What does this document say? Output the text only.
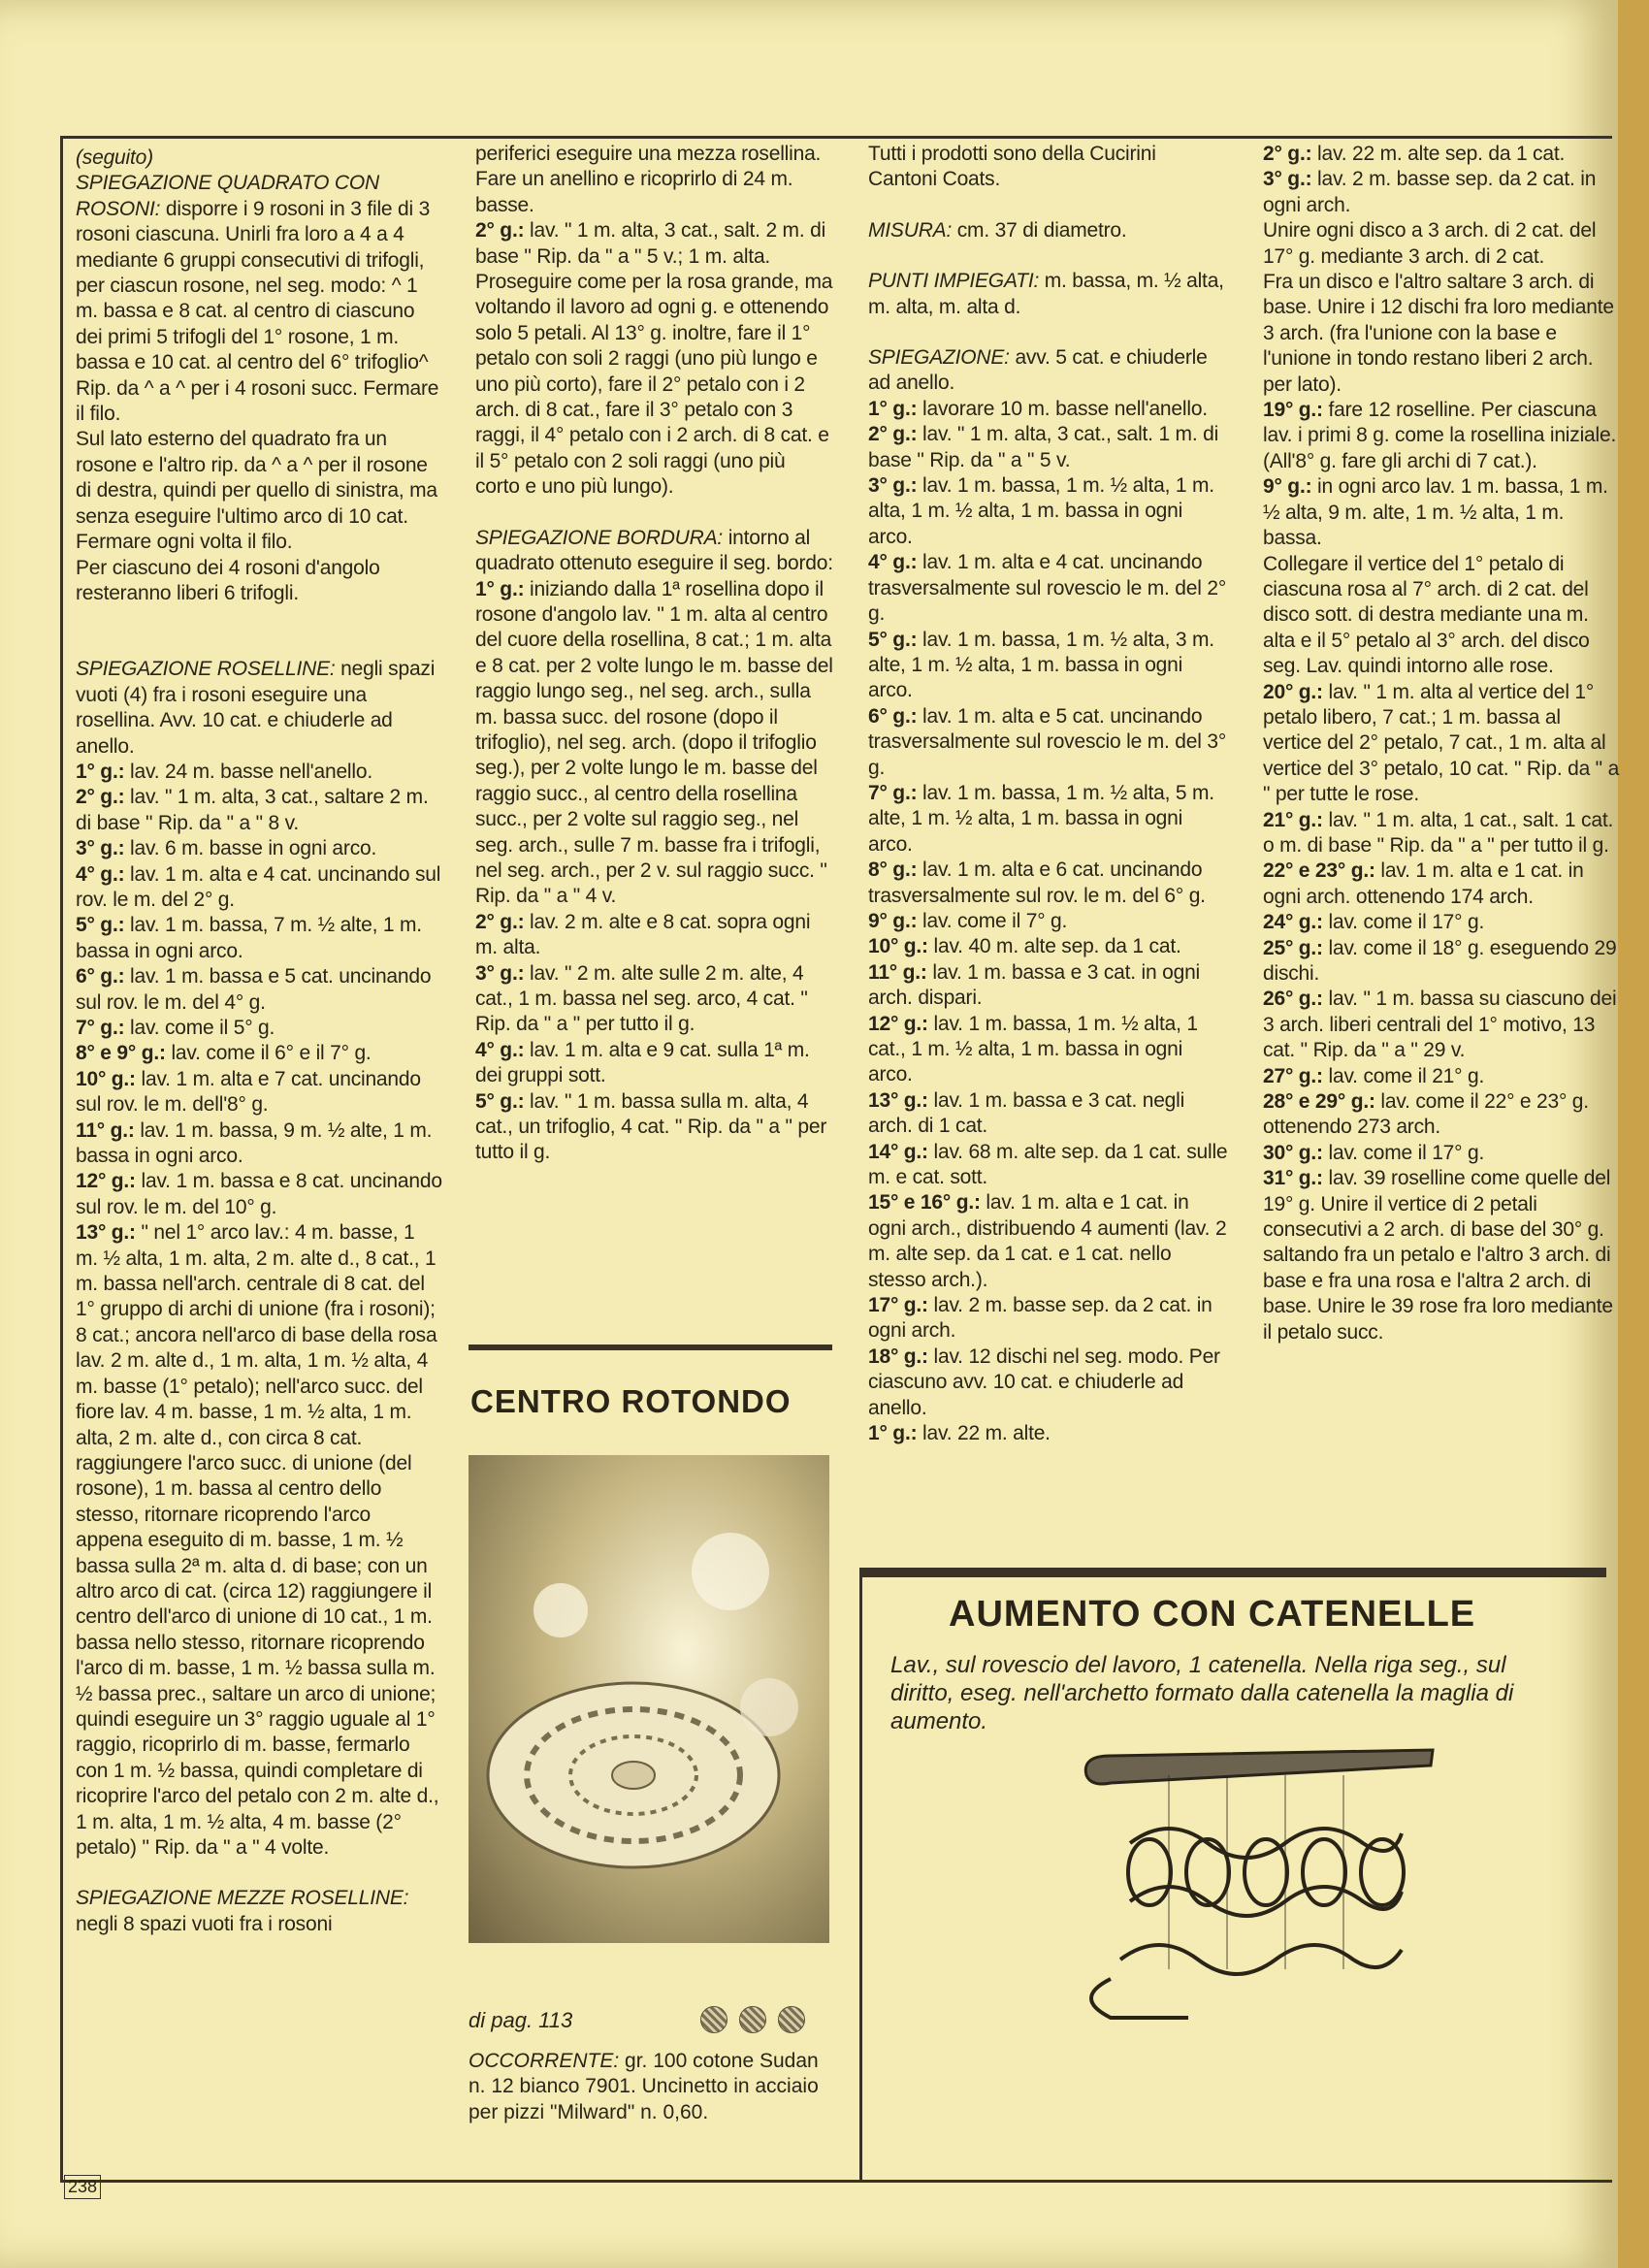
(seguito)

SPIEGAZIONE QUADRATO CON ROSONI: disporre i 9 rosoni in 3 file di 3 rosoni ciascuna. Unirli fra loro a 4 a 4 mediante 6 gruppi consecutivi di trifogli, per ciascun rosone, nel seg. modo: ^ 1 m. bassa e 8 cat. al centro di ciascuno dei primi 5 trifogli del 1° rosone, 1 m. bassa e 10 cat. al centro del 6° trifoglio^ Rip. da ^ a ^ per i 4 rosoni succ. Fermare il filo.

Sul lato esterno del quadrato fra un rosone e l'altro rip. da ^ a ^ per il rosone di destra, quindi per quello di sinistra, ma senza eseguire l'ultimo arco di 10 cat. Fermare ogni volta il filo.

Per ciascuno dei 4 rosoni d'angolo resteranno liberi 6 trifogli.

SPIEGAZIONE ROSELLINE: negli spazi vuoti (4) fra i rosoni eseguire una rosellina. Avv. 10 cat. e chiuderle ad anello.

1° g.: lav. 24 m. basse nell'anello.

2° g.: lav. " 1 m. alta, 3 cat., saltare 2 m. di base " Rip. da " a " 8 v.

3° g.: lav. 6 m. basse in ogni arco.

4° g.: lav. 1 m. alta e 4 cat. uncinando sul rov. le m. del 2° g.

5° g.: lav. 1 m. bassa, 7 m. ½ alte, 1 m. bassa in ogni arco.

6° g.: lav. 1 m. bassa e 5 cat. uncinando sul rov. le m. del 4° g.

7° g.: lav. come il 5° g.

8° e 9° g.: lav. come il 6° e il 7° g.

10° g.: lav. 1 m. alta e 7 cat. uncinando sul rov. le m. dell'8° g.

11° g.: lav. 1 m. bassa, 9 m. ½ alte, 1 m. bassa in ogni arco.

12° g.: lav. 1 m. bassa e 8 cat. uncinando sul rov. le m. del 10° g.

13° g.: " nel 1° arco lav.: 4 m. basse, 1 m. ½ alta, 1 m. alta, 2 m. alte d., 8 cat., 1 m. bassa nell'arch. centrale di 8 cat. del 1° gruppo di archi di unione (fra i rosoni); 8 cat.; ancora nell'arco di base della rosa lav. 2 m. alte d., 1 m. alta, 1 m. ½ alta, 4 m. basse (1° petalo); nell'arco succ. del fiore lav. 4 m. basse, 1 m. ½ alta, 1 m. alta, 2 m. alte d., con circa 8 cat. raggiungere l'arco succ. di unione (del rosone), 1 m. bassa al centro dello stesso, ritornare ricoprendo l'arco appena eseguito di m. basse, 1 m. ½ bassa sulla 2ª m. alta d. di base; con un altro arco di cat. (circa 12) raggiungere il centro dell'arco di unione di 10 cat., 1 m. bassa nello stesso, ritornare ricoprendo l'arco di m. basse, 1 m. ½ bassa sulla m. ½ bassa prec., saltare un arco di unione; quindi eseguire un 3° raggio uguale al 1° raggio, ricoprirlo di m. basse, fermarlo con 1 m. ½ bassa, quindi completare di ricoprire l'arco del petalo con 2 m. alte d., 1 m. alta, 1 m. ½ alta, 4 m. basse (2° petalo) " Rip. da " a " 4 volte.

SPIEGAZIONE MEZZE ROSELLINE: negli 8 spazi vuoti fra i rosoni

periferici eseguire una mezza rosellina. Fare un anellino e ricoprirlo di 24 m. basse.

2° g.: lav. " 1 m. alta, 3 cat., salt. 2 m. di base " Rip. da " a " 5 v.; 1 m. alta. Proseguire come per la rosa grande, ma voltando il lavoro ad ogni g. e ottenendo solo 5 petali. Al 13° g. inoltre, fare il 1° petalo con soli 2 raggi (uno più lungo e uno più corto), fare il 2° petalo con i 2 arch. di 8 cat., fare il 3° petalo con 3 raggi, il 4° petalo con i 2 arch. di 8 cat. e il 5° petalo con 2 soli raggi (uno più corto e uno più lungo).

SPIEGAZIONE BORDURA: intorno al quadrato ottenuto eseguire il seg. bordo:

1° g.: iniziando dalla 1ª rosellina dopo il rosone d'angolo lav. " 1 m. alta al centro del cuore della rosellina, 8 cat.; 1 m. alta e 8 cat. per 2 volte lungo le m. basse del raggio lungo seg., nel seg. arch., sulla m. bassa succ. del rosone (dopo il trifoglio), nel seg. arch. (dopo il trifoglio seg.), per 2 volte lungo le m. basse del raggio succ., al centro della rosellina succ., per 2 volte sul raggio seg., nel seg. arch., sulle 7 m. basse fra i trifogli, nel seg. arch., per 2 v. sul raggio succ. " Rip. da " a " 4 v.

2° g.: lav. 2 m. alte e 8 cat. sopra ogni m. alta.

3° g.: lav. " 2 m. alte sulle 2 m. alte, 4 cat., 1 m. bassa nel seg. arco, 4 cat. " Rip. da " a " per tutto il g.

4° g.: lav. 1 m. alta e 9 cat. sulla 1ª m. dei gruppi sott.

5° g.: lav. " 1 m. bassa sulla m. alta, 4 cat., un trifoglio, 4 cat. " Rip. da " a " per tutto il g.

CENTRO ROTONDO
di pag. 113
OCCORRENTE: gr. 100 cotone Sudan n. 12 bianco 7901. Uncinetto in acciaio per pizzi "Milward" n. 0,60.

Tutti i prodotti sono della Cucirini Cantoni Coats.

MISURA: cm. 37 di diametro.

PUNTI IMPIEGATI: m. bassa, m. ½ alta, m. alta, m. alta d.

SPIEGAZIONE: avv. 5 cat. e chiuderle ad anello.

1° g.: lavorare 10 m. basse nell'anello.

2° g.: lav. " 1 m. alta, 3 cat., salt. 1 m. di base " Rip. da " a " 5 v.

3° g.: lav. 1 m. bassa, 1 m. ½ alta, 1 m. alta, 1 m. ½ alta, 1 m. bassa in ogni arco.

4° g.: lav. 1 m. alta e 4 cat. uncinando trasversalmente sul rovescio le m. del 2° g.

5° g.: lav. 1 m. bassa, 1 m. ½ alta, 3 m. alte, 1 m. ½ alta, 1 m. bassa in ogni arco.

6° g.: lav. 1 m. alta e 5 cat. uncinando trasversalmente sul rovescio le m. del 3° g.

7° g.: lav. 1 m. bassa, 1 m. ½ alta, 5 m. alte, 1 m. ½ alta, 1 m. bassa in ogni arco.

8° g.: lav. 1 m. alta e 6 cat. uncinando trasversalmente sul rov. le m. del 6° g.

9° g.: lav. come il 7° g.

10° g.: lav. 40 m. alte sep. da 1 cat.

11° g.: lav. 1 m. bassa e 3 cat. in ogni arch. dispari.

12° g.: lav. 1 m. bassa, 1 m. ½ alta, 1 cat., 1 m. ½ alta, 1 m. bassa in ogni arco.

13° g.: lav. 1 m. bassa e 3 cat. negli arch. di 1 cat.

14° g.: lav. 68 m. alte sep. da 1 cat. sulle m. e cat. sott.

15° e 16° g.: lav. 1 m. alta e 1 cat. in ogni arch., distribuendo 4 aumenti (lav. 2 m. alte sep. da 1 cat. e 1 cat. nello stesso arch.).

17° g.: lav. 2 m. basse sep. da 2 cat. in ogni arch.

18° g.: lav. 12 dischi nel seg. modo. Per ciascuno avv. 10 cat. e chiuderle ad anello.

1° g.: lav. 22 m. alte.

2° g.: lav. 22 m. alte sep. da 1 cat.

3° g.: lav. 2 m. basse sep. da 2 cat. in ogni arch.

Unire ogni disco a 3 arch. di 2 cat. del 17° g. mediante 3 arch. di 2 cat.

Fra un disco e l'altro saltare 3 arch. di base. Unire i 12 dischi fra loro mediante 3 arch. (fra l'unione con la base e l'unione in tondo restano liberi 2 arch. per lato).

19° g.: fare 12 roselline. Per ciascuna lav. i primi 8 g. come la rosellina iniziale. (All'8° g. fare gli archi di 7 cat.).

9° g.: in ogni arco lav. 1 m. bassa, 1 m. ½ alta, 9 m. alte, 1 m. ½ alta, 1 m. bassa.

Collegare il vertice del 1° petalo di ciascuna rosa al 7° arch. di 2 cat. del disco sott. di destra mediante una m. alta e il 5° petalo al 3° arch. del disco seg. Lav. quindi intorno alle rose.

20° g.: lav. " 1 m. alta al vertice del 1° petalo libero, 7 cat.; 1 m. bassa al vertice del 2° petalo, 7 cat., 1 m. alta al vertice del 3° petalo, 10 cat. " Rip. da " a " per tutte le rose.

21° g.: lav. " 1 m. alta, 1 cat., salt. 1 cat. o m. di base " Rip. da " a " per tutto il g.

22° e 23° g.: lav. 1 m. alta e 1 cat. in ogni arch. ottenendo 174 arch.

24° g.: lav. come il 17° g.

25° g.: lav. come il 18° g. eseguendo 29 dischi.

26° g.: lav. " 1 m. bassa su ciascuno dei 3 arch. liberi centrali del 1° motivo, 13 cat. " Rip. da " a " 29 v.

27° g.: lav. come il 21° g.

28° e 29° g.: lav. come il 22° e 23° g. ottenendo 273 arch.

30° g.: lav. come il 17° g.

31° g.: lav. 39 roselline come quelle del 19° g. Unire il vertice di 2 petali consecutivi a 2 arch. di base del 30° g. saltando fra un petalo e l'altro 3 arch. di base e fra una rosa e l'altra 2 arch. di base. Unire le 39 rose fra loro mediante il petalo succ.

AUMENTO CON CATENELLE
Lav., sul rovescio del lavoro, 1 catenella. Nella riga seg., sul diritto, eseg. nell'archetto formato dalla catenella la maglia di aumento.
238
